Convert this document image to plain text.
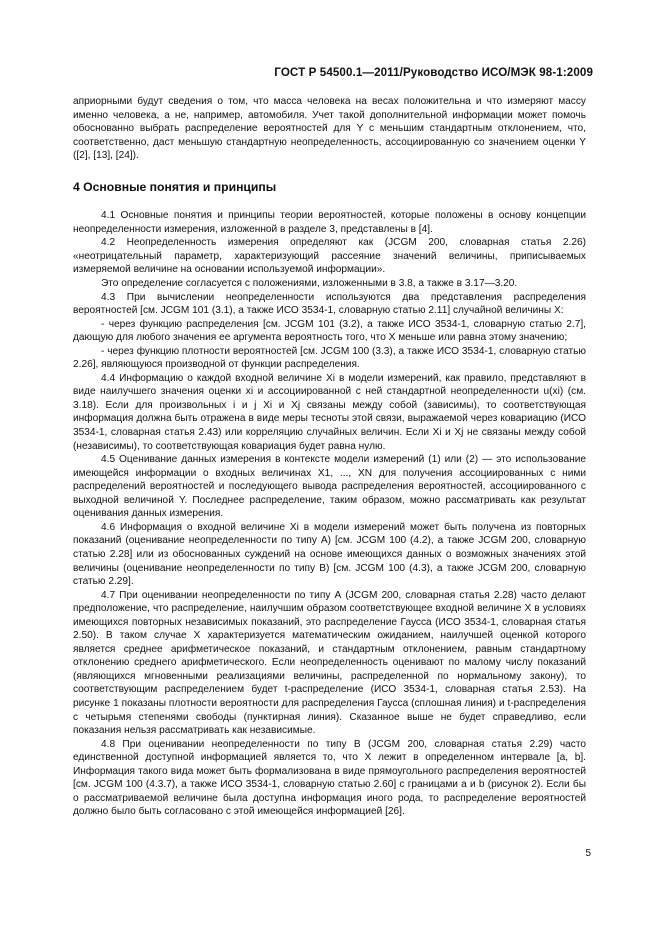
ГОСТ Р 54500.1—2011/Руководство ИСО/МЭК 98-1:2009

априорными будут сведения о том, что масса человека на весах положительна и что измеряют массу именно человека, а не, например, автомобиля. Учет такой дополнительной информации может помочь обоснованно выбрать распределение вероятностей для Y с меньшим стандартным отклонением, что, соответственно, даст меньшую стандартную неопределенность, ассоциированную со значением оценки Y ([2], [13], [24]).

4 Основные понятия и принципы

4.1 Основные понятия и принципы теории вероятностей, которые положены в основу концепции неопределенности измерения, изложенной в разделе 3, представлены в [4].

4.2 Неопределенность измерения определяют как (JCGM 200, словарная статья 2.26) «неотрицательный параметр, характеризующий рассеяние значений величины, приписываемых измеряемой величине на основании используемой информации».

Это определение согласуется с положениями, изложенными в 3.8, а также в 3.17—3.20.

4.3 При вычислении неопределенности используются два представления распределения вероятностей [см. JCGM 101 (3.1), а также ИСО 3534-1, словарную статью 2.11] случайной величины X:

- через функцию распределения [см. JCGM 101 (3.2), а также ИСО 3534-1, словарную статью 2.7], дающую для любого значения ее аргумента вероятность того, что X меньше или равна этому значению;

- через функцию плотности вероятностей [см. JCGM 100 (3.3), а также ИСО 3534-1, словарную статью 2.26], являющуюся производной от функции распределения.

4.4 Информацию о каждой входной величине Xi в модели измерений, как правило, представляют в виде наилучшего значения оценки xi и ассоциированной с ней стандартной неопределенности u(xi) (см. 3.18). Если для произвольных i и j Xi и Xj связаны между собой (зависимы), то соответствующая информация должна быть отражена в виде меры тесноты этой связи, выражаемой через ковариацию (ИСО 3534-1, словарная статья 2.43) или корреляцию случайных величин. Если Xi и Xj не связаны между собой (независимы), то соответствующая ковариация будет равна нулю.

4.5 Оценивание данных измерения в контексте модели измерений (1) или (2) — это использование имеющейся информации о входных величинах X1, ..., XN для получения ассоциированных с ними распределений вероятностей и последующего вывода распределения вероятностей, ассоциированного с выходной величиной Y. Последнее распределение, таким образом, можно рассматривать как результат оценивания данных измерения.

4.6 Информация о входной величине Xi в модели измерений может быть получена из повторных показаний (оценивание неопределенности по типу А) [см. JCGM 100 (4.2), а также JCGM 200, словарную статью 2.28] или из обоснованных суждений на основе имеющихся данных о возможных значениях этой величины (оценивание неопределенности по типу В) [см. JCGM 100 (4.3), а также JCGM 200, словарную статью 2.29].

4.7 При оценивании неопределенности по типу А (JCGM 200, словарная статья 2.28) часто делают предположение, что распределение, наилучшим образом соответствующее входной величине X в условиях имеющихся повторных независимых показаний, это распределение Гаусса (ИСО 3534-1, словарная статья 2.50). В таком случае X характеризуется математическим ожиданием, наилучшей оценкой которого является среднее арифметическое показаний, и стандартным отклонением, равным стандартному отклонению среднего арифметического. Если неопределенность оценивают по малому числу показаний (являющихся мгновенными реализациями величины, распределенной по нормальному закону), то соответствующим распределением будет t-распределение (ИСО 3534-1, словарная статья 2.53). На рисунке 1 показаны плотности вероятности для распределения Гаусса (сплошная линия) и t-распределения с четырьмя степенями свободы (пунктирная линия). Сказанное выше не будет справедливо, если показания нельзя рассматривать как независимые.

4.8 При оценивании неопределенности по типу В (JCGM 200, словарная статья 2.29) часто единственной доступной информацией является то, что X лежит в определенном интервале [a, b]. Информация такого вида может быть формализована в виде прямоугольного распределения вероятностей [см. JCGM 100 (4.3.7), а также ИСО 3534-1, словарную статью 2.60] с границами a и b (рисунок 2). Если бы о рассматриваемой величине была доступна информация иного рода, то распределение вероятностей должно было быть согласовано с этой имеющейся информацией [26].

5
